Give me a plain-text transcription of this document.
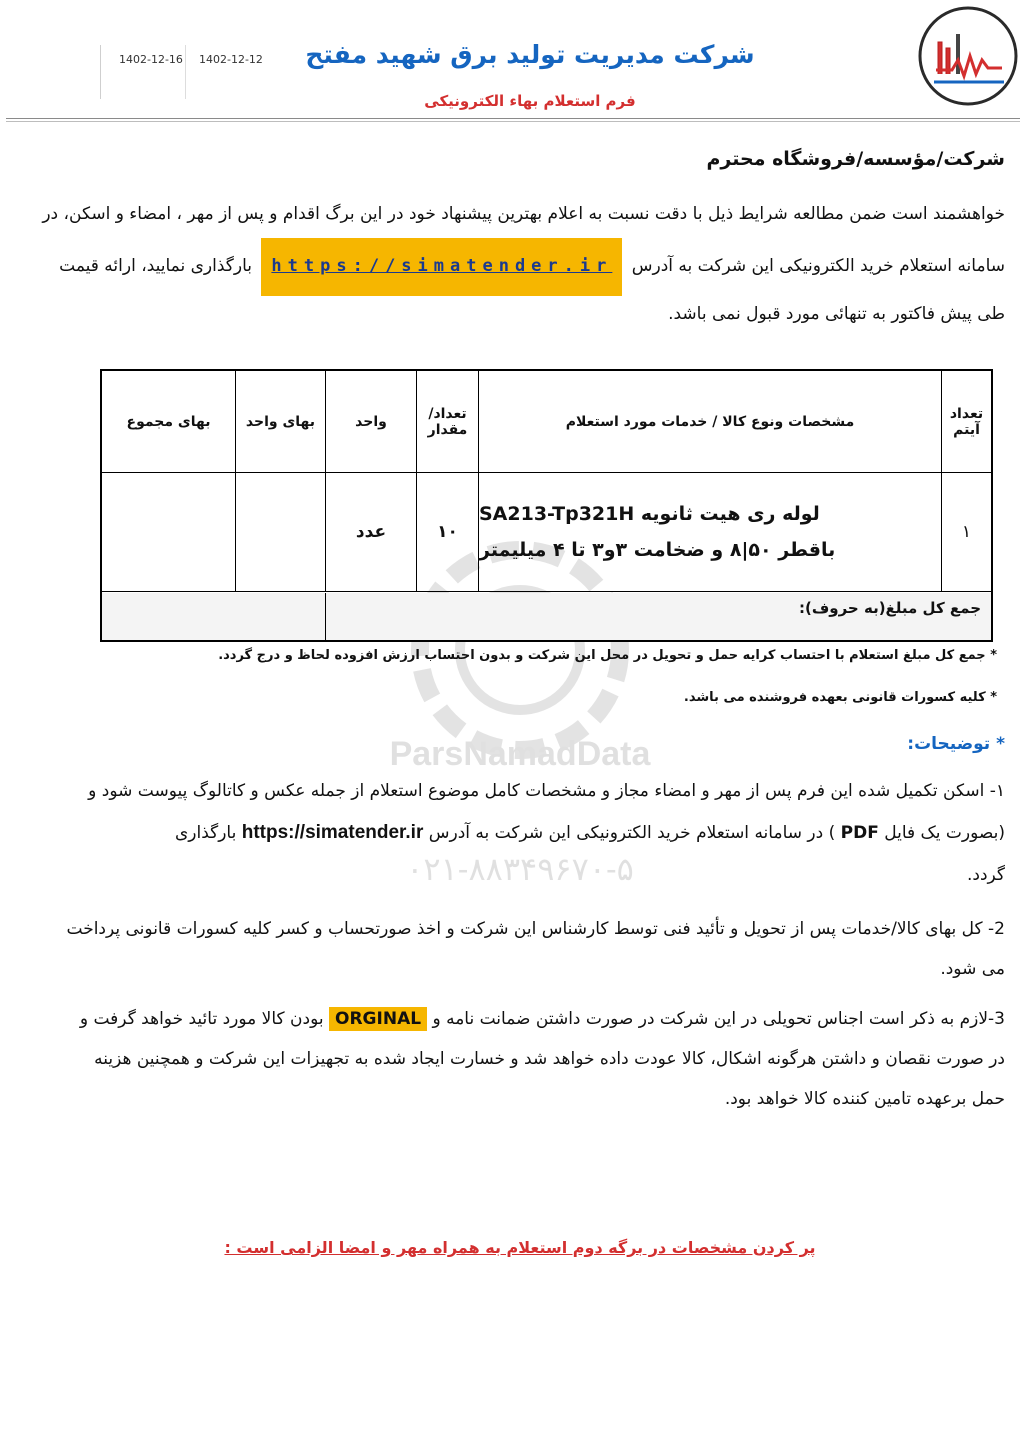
شرکت مدیریت تولید برق شهید مفتح
فرم استعلام بهاء الکترونیکی
1402-12-16 1402-12-12
ParsNamadData
۰۲۱-۸۸۳۴۹۶۷۰-۵
شرکت/مؤسسه/فروشگاه محترم
خواهشمند است ضمن مطالعه شرایط ذیل با دقت نسبت به اعلام بهترین پیشنهاد خود در این برگ اقدام و پس از مهر ، امضاء و اسکن، در
سامانه استعلام خرید الکترونیکی این شرکت به آدرس https://simatender.ir بارگذاری نمایید، ارائه قیمت
طی پیش فاکتور به تنهائی مورد قبول نمی باشد.
تعداد آیتم
مشخصات ونوع کالا / خدمات مورد استعلام
تعداد/ مقدار
واحد
بهای واحد
بهای مجموع
۱
لوله ری هیت ثانویه SA213-Tp321H
باقطر ۵۰|۸ و ضخامت ۳و۳ تا ۴ میلیمتر
۱۰
عدد
جمع کل مبلغ(به حروف):
* جمع کل مبلغ استعلام با احتساب کرایه حمل و تحویل در محل این شرکت و بدون احتساب ارزش افزوده لحاظ و درج گردد.
* کلیه کسورات قانونی بعهده فروشنده می باشد.
* توضیحات:
۱- اسکن تکمیل شده این فرم پس از مهر و امضاء مجاز و مشخصات کامل موضوع استعلام از جمله عکس و کاتالوگ پیوست شود و
(بصورت یک فایل PDF ) در سامانه استعلام خرید الکترونیکی این شرکت به آدرس https://simatender.ir بارگذاری
گردد.
2- کل بهای کالا/خدمات پس از تحویل و تأئید فنی توسط کارشناس این شرکت و اخذ صورتحساب و کسر کلیه کسورات قانونی پرداخت
می شود.
3-لازم به ذکر است اجناس تحویلی در این شرکت در صورت داشتن ضمانت نامه و ORGINAL بودن کالا مورد تائید خواهد گرفت و
در صورت نقصان و داشتن هرگونه اشکال، کالا عودت داده خواهد شد و خسارت ایجاد شده به تجهیزات این شرکت و همچنین هزینه
حمل برعهده تامین کننده کالا خواهد بود.
پر کردن مشخصات در برگه دوم استعلام به همراه مهر و امضا الزامی است :
